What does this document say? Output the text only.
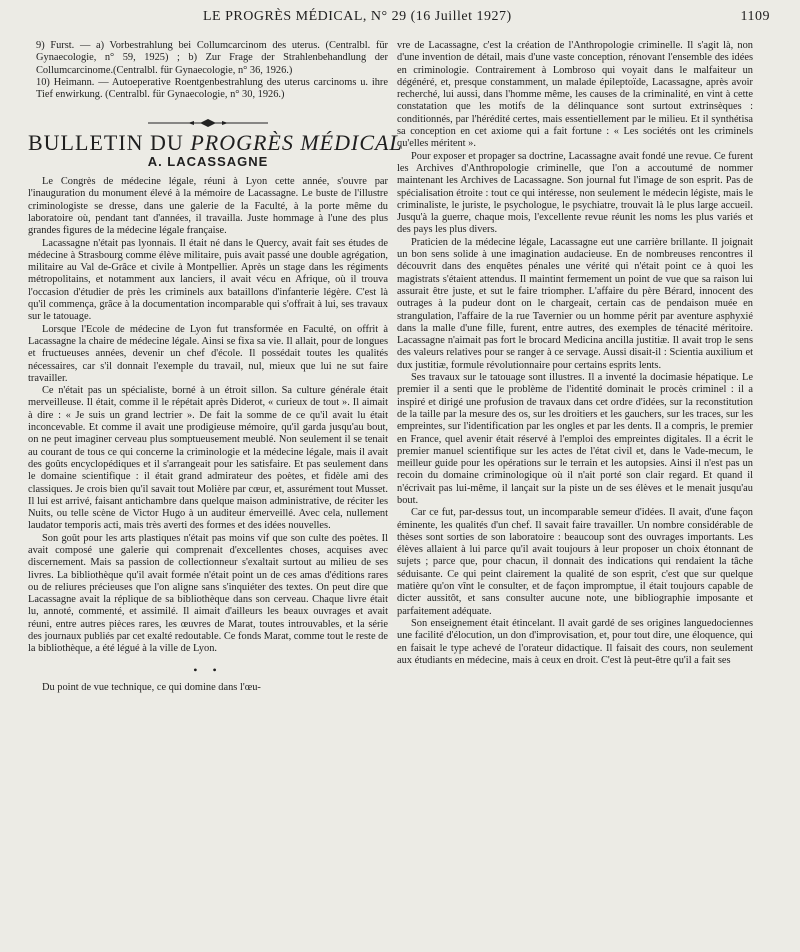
LE PROGRÈS MÉDICAL, N° 29 (16 Juillet 1927)	1109

9) Furst. — a) Vorbestrahlung bei Collumcarcinom des uterus. (Centralbl. für Gynaecologie, n° 59, 1925) ; b) Zur Frage der Strahlenbehandlung der Collumcarcinome.(Centralbl. für Gynaecologie, n° 36, 1926.)

10) Heimann. — Autoeperative Roentgenbestrahlung des uterus carcinoms u. ihre Tief enwirkung. (Centralbl. für Gynaecologie, n° 30, 1926.)

BULLETIN DU PROGRÈS MÉDICAL

A. LACASSAGNE

Le Congrès de médecine légale, réuni à Lyon cette année, s'ouvre par l'inauguration du monument élevé à la mémoire de Lacassagne. Le buste de l'illustre criminologiste se dresse, dans une galerie de la Faculté, à la porte même du laboratoire où, pendant tant d'années, il travailla. Juste hommage à l'une des plus grandes figures de la médecine légale française.

Lacassagne n'était pas lyonnais. Il était né dans le Quercy, avait fait ses études de médecine à Strasbourg comme élève militaire, puis avait passé une double agrégation, militaire au Val de-Grâce et civile à Montpellier. Après un stage dans les régiments métropolitains, et notamment aux lanciers, il avait vécu en Afrique, où il trouva l'occasion d'étudier de près les criminels aux bataillons d'infanterie légère. C'est là qu'il commença, grâce à la documentation incomparable qui s'offrait à lui, ses travaux sur le tatouage.

Lorsque l'Ecole de médecine de Lyon fut transformée en Faculté, on offrit à Lacassagne la chaire de médecine légale. Ainsi se fixa sa vie. Il allait, pour de longues et fructueuses années, devenir un chef d'école. Il possédait toutes les qualités nécessaires, car s'il donnait l'exemple du travail, nul, mieux que lui ne sut faire travailler.

Ce n'était pas un spécialiste, borné à un étroit sillon. Sa culture générale était merveilleuse. Il était, comme il le répétait après Diderot, « curieux de tout ». Il aimait à dire : « Je suis un grand lectrier ». De fait la somme de ce qu'il avait lu était inconcevable. Et comme il avait une prodigieuse mémoire, qu'il garda jusqu'au bout, on ne peut imaginer cerveau plus somptueusement meublé. Non seulement il se tenait au courant de tous ce qui concerne la criminologie et la médecine légale, mais il avait des goûts encyclopédiques et il s'arrangeait pour les satisfaire. Et pas seulement dans le domaine scientifique : il était grand admirateur des poètes, et fidèle ami des classiques. Je crois bien qu'il savait tout Molière par cœur, et, assurément tout Musset. Il lui est arrivé, faisant antichambre dans quelque maison administrative, de réciter les Nuits, ou telle scène de Victor Hugo à un auditeur émerveillé. Avec cela, nullement laudator temporis acti, mais très averti des formes et des idées nouvelles.

Son goût pour les arts plastiques n'était pas moins vif que son culte des poètes. Il avait composé une galerie qui comprenait d'excellentes choses, acquises avec discernement. Mais sa passion de collectionneur s'exaltait surtout au milieu de ses livres. La bibliothèque qu'il avait formée n'était point un de ces amas d'éditions rares ou de reliures précieuses que l'on aligne sans s'inquiéter des textes. On peut dire que Lacassagne avait la réplique de sa bibliothèque dans son cerveau. Chaque livre était lu, annoté, commenté, et assimilé. Il aimait d'ailleurs les beaux ouvrages et avait réuni, entre autres pièces rares, les œuvres de Marat, toutes introuvables, et la série des journaux publiés par cet exalté redoutable. Ce fonds Marat, comme tout le reste de la bibliothèque, a été légué à la ville de Lyon.

• •

Du point de vue technique, ce qui domine dans l'œu-

vre de Lacassagne, c'est la création de l'Anthropologie criminelle. Il s'agit là, non d'une invention de détail, mais d'une vaste conception, rénovant l'ensemble des idées en criminologie. Contrairement à Lombroso qui voyait dans le malfaiteur un dégénéré, et, presque constamment, un malade épileptoïde, Lacassagne, après avoir recherché, lui aussi, dans l'homme même, les causes de la criminalité, en vint à cette constatation que les motifs de la délinquance sont surtout extrinsèques : conditionnés, par l'hérédité certes, mais essentiellement par le milieu. Et il synthétisa sa conception en cet axiome qui a fait fortune : « Les sociétés ont les criminels qu'elles méritent ».

Pour exposer et propager sa doctrine, Lacassagne avait fondé une revue. Ce furent les Archives d'Anthropologie criminelle, que l'on a accoutumé de nommer maintenant les Archives de Lacassagne. Son journal fut l'image de son esprit. Pas de spécialisation étroite : tout ce qui intéresse, non seulement le médecin légiste, mais le criminaliste, le juriste, le psychologue, le psychiatre, trouvait là le plus large accueil. Jusqu'à la guerre, chaque mois, l'excellente revue réunit les noms les plus variés et des pays les plus divers.

Praticien de la médecine légale, Lacassagne eut une carrière brillante. Il joignait un bon sens solide à une imagination audacieuse. En de nombreuses rencontres il découvrit dans des enquêtes pénales une vérité qui n'était point ce à quoi les magistrats s'étaient attendus. Il maintint fermement un point de vue que sa raison lui assurait être juste, et sut le faire triompher. L'affaire du père Bérard, innocent des outrages à la pudeur dont on le chargeait, certain cas de pendaison muée en strangulation, l'affaire de la rue Tavernier ou un homme périt par aventure asphyxié dans la malle d'une fille, furent, entre autres, des exemples de ténacité méritoire. Lacassagne n'aimait pas fort le brocard Medicina ancilla justitiæ. Il avait trop le sens des valeurs relatives pour se ranger à ce servage. Aussi disait-il : Scientia auxilium et dux justitiæ, formule révolutionnaire pour certains esprits lents.

Ses travaux sur le tatouage sont illustres. Il a inventé la docimasie hépatique. Le premier il a senti que le problème de l'identité dominait le procès criminel : il a inspiré et dirigé une profusion de travaux dans cet ordre d'idées, sur la reconstitution de la taille par la mesure des os, sur les droitiers et les gauchers, sur les traces, sur les empreintes, sur l'identification par les ongles et par les dents. Il a compris, le premier en France, quel avenir était réservé à l'emploi des empreintes digitales. Il a écrit le premier manuel scientifique sur les actes de l'état civil et, dans le Vade-mecum, le meilleur guide pour les opérations sur le terrain et les autopsies. Ainsi il n'est pas un recoin du domaine criminologique où il n'ait porté son clair regard. Et quand il n'écrivait pas lui-même, il lançait sur la piste un de ses élèves et le menait jusqu'au bout.

Car ce fut, par-dessus tout, un incomparable semeur d'idées. Il avait, d'une façon éminente, les qualités d'un chef. Il savait faire travailler. Un nombre considérable de thèses sont sorties de son laboratoire : beaucoup sont des ouvrages importants. Les élèves allaient à lui parce qu'il avait toujours à leur proposer un choix étonnant de sujets ; parce que, pour chacun, il donnait des indications qui rendaient la tâche séduisante. Ce qui peint clairement la qualité de son esprit, c'est que sur quelque matière qu'on vînt le consulter, et de façon impromptue, il était toujours capable de dicter aussitôt, et sans consulter aucune note, une bibliographie imposante et parfaitement adéquate.

Son enseignement était étincelant. Il avait gardé de ses origines languedociennes une facilité d'élocution, un don d'improvisation, et, pour tout dire, une éloquence, qui en faisait le type achevé de l'orateur didactique. Il faisait des cours, non seulement aux étudiants en médecine, mais à ceux en droit. C'est là peut-être qu'il a fait ses
